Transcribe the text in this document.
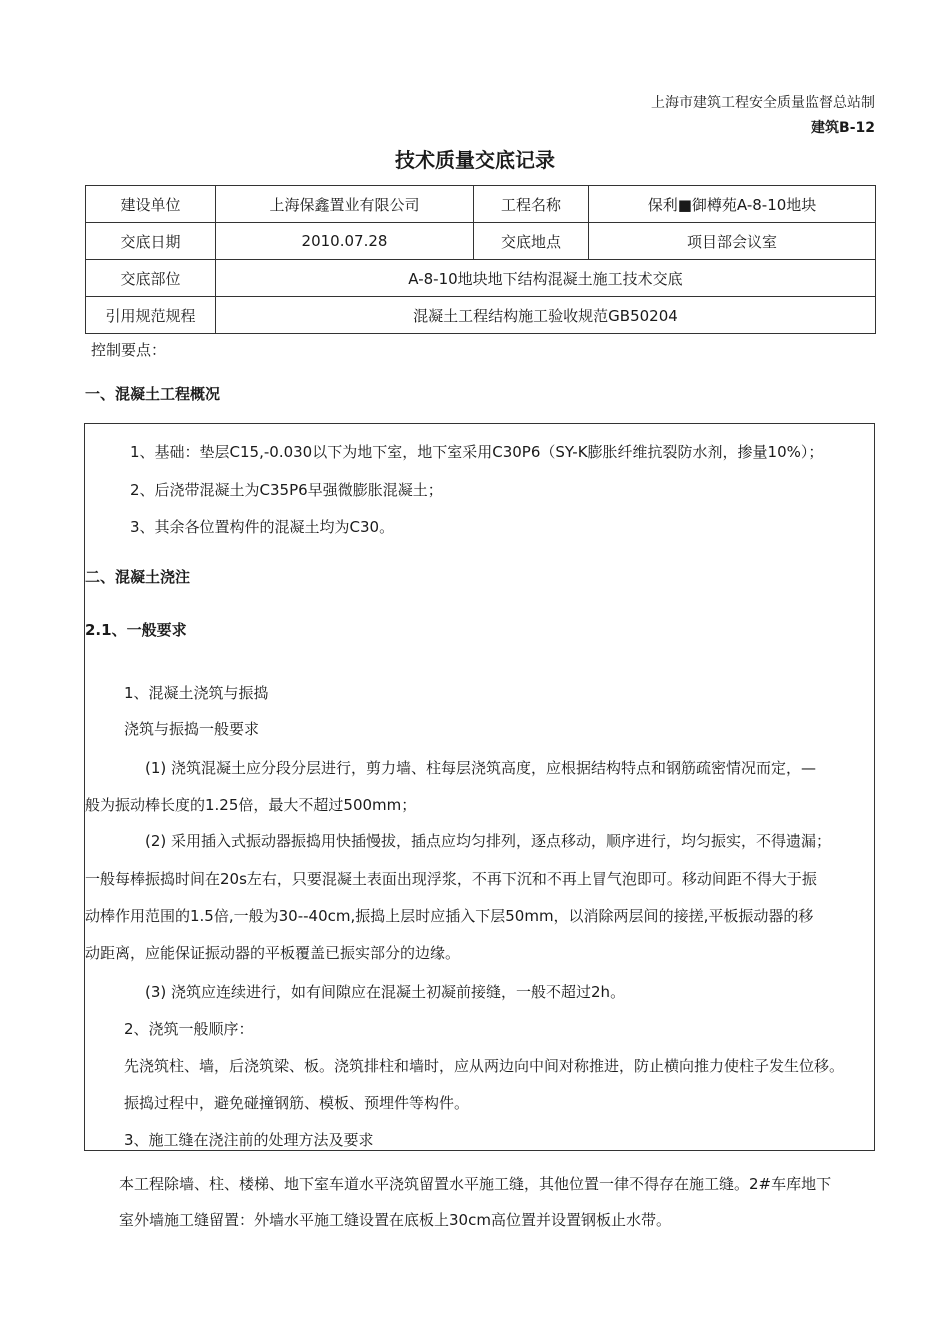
上海市建筑工程安全质量监督总站制
建筑B-12
技术质量交底记录
建设单位	上海保鑫置业有限公司	工程名称	保利■御樽苑A-8-10地块
交底日期	2010.07.28	交底地点	项目部会议室
交底部位	A-8-10地块地下结构混凝土施工技术交底		
引用规范规程	混凝土工程结构施工验收规范GB50204		
控制要点：
一、混凝土工程概况
1、基础：垫层C15,-0.030以下为地下室，地下室采用C30P6（SY-K膨胀纤维抗裂防水剂，掺量10%）；
2、后浇带混凝土为C35P6早强微膨胀混凝土；
3、其余各位置构件的混凝土均为C30。
二、混凝土浇注
2.1、一般要求
1、混凝土浇筑与振捣
浇筑与振捣一般要求
(1) 浇筑混凝土应分段分层进行，剪力墙、柱每层浇筑高度，应根据结构特点和钢筋疏密情况而定，—
般为振动棒长度的1.25倍，最大不超过500mm；
(2) 采用插入式振动器振捣用快插慢拔，插点应均匀排列，逐点移动，顺序进行，均匀振实，不得遗漏；
一般每棒振捣时间在20s左右，只要混凝土表面出现浮浆，不再下沉和不再上冒气泡即可。移动间距不得大于振
动棒作用范围的1.5倍,一般为30--40cm,振捣上层时应插入下层50mm，以消除两层间的接搓,平板振动器的移
动距离，应能保证振动器的平板覆盖已振实部分的边缘。
(3) 浇筑应连续进行，如有间隙应在混凝土初凝前接缝，一般不超过2h。
2、浇筑一般顺序：
先浇筑柱、墙，后浇筑梁、板。浇筑排柱和墙时，应从两边向中间对称推进，防止横向推力使柱子发生位移。
振捣过程中，避免碰撞钢筋、模板、预埋件等构件。
3、施工缝在浇注前的处理方法及要求
本工程除墙、柱、楼梯、地下室车道水平浇筑留置水平施工缝，其他位置一律不得存在施工缝。2#车库地下
室外墙施工缝留置：外墙水平施工缝设置在底板上30cm高位置并设置钢板止水带。
